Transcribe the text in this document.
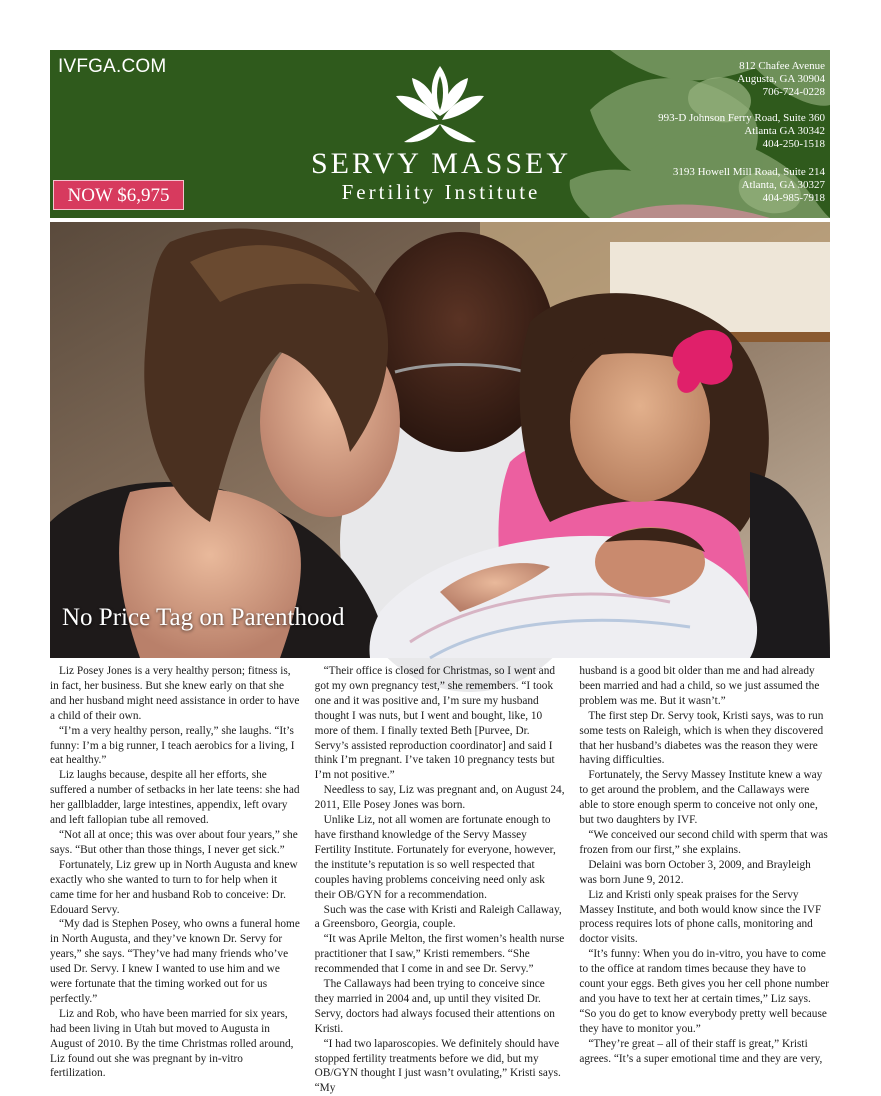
IVFGA.COM
SERVY MASSEY
Fertility Institute
NOW $6,975
812 Chafee Avenue
Augusta, GA 30904
706-724-0228
993-D Johnson Ferry Road, Suite 360
Atlanta GA 30342
404-250-1518
3193 Howell Mill Road, Suite 214
Atlanta, GA 30327
404-985-7918
No Price Tag on Parenthood

Liz Posey Jones is a very healthy person; fitness is, in fact, her business. But she knew early on that she and her husband might need assistance in order to have a child of their own.

“I’m a very healthy person, really,” she laughs. “It’s funny: I’m a big runner, I teach aerobics for a living, I eat healthy.”

Liz laughs because, despite all her efforts, she suffered a number of setbacks in her late teens: she had her gallbladder, large intestines, appendix, left ovary and left fallopian tube all removed.

“Not all at once; this was over about four years,” she says. “But other than those things, I never get sick.”

Fortunately, Liz grew up in North Augusta and knew exactly who she wanted to turn to for help when it came time for her and husband Rob to conceive: Dr. Edouard Servy.

“My dad is Stephen Posey, who owns a funeral home in North Augusta, and they’ve known Dr. Servy for years,” she says. “They’ve had many friends who’ve used Dr. Servy. I knew I wanted to use him and we were fortunate that the timing worked out for us perfectly.”

Liz and Rob, who have been married for six years, had been living in Utah but moved to Augusta in August of 2010. By the time Christmas rolled around, Liz found out she was pregnant by in-vitro fertilization.

“Their office is closed for Christmas, so I went and got my own pregnancy test,” she remembers. “I took one and it was positive and, I’m sure my husband thought I was nuts, but I went and bought, like, 10 more of them. I finally texted Beth [Purvee, Dr. Servy’s assisted reproduction coordinator] and said I think I’m pregnant. I’ve taken 10 pregnancy tests but I’m not positive.”

Needless to say, Liz was pregnant and, on August 24, 2011, Elle Posey Jones was born.

Unlike Liz, not all women are fortunate enough to have firsthand knowledge of the Servy Massey Fertility Institute. Fortunately for everyone, however, the institute’s reputation is so well respected that couples having problems conceiving need only ask their OB/GYN for a recommendation.

Such was the case with Kristi and Raleigh Callaway, a Greensboro, Georgia, couple.

“It was Aprile Melton, the first women’s health nurse practitioner that I saw,” Kristi remembers. “She recommended that I come in and see Dr. Servy.”

The Callaways had been trying to conceive since they married in 2004 and, up until they visited Dr. Servy, doctors had always focused their attentions on Kristi.

“I had two laparoscopies. We definitely should have stopped fertility treatments before we did, but my OB/GYN thought I just wasn’t ovulating,” Kristi says. “My

husband is a good bit older than me and had already been married and had a child, so we just assumed the problem was me. But it wasn’t.”

The first step Dr. Servy took, Kristi says, was to run some tests on Raleigh, which is when they discovered that her husband’s diabetes was the reason they were having difficulties.

Fortunately, the Servy Massey Institute knew a way to get around the problem, and the Callaways were able to store enough sperm to conceive not only one, but two daughters by IVF.

“We conceived our second child with sperm that was frozen from our first,” she explains.

Delaini was born October 3, 2009, and Brayleigh was born June 9, 2012.

Liz and Kristi only speak praises for the Servy Massey Institute, and both would know since the IVF process requires lots of phone calls, monitoring and doctor visits.

“It’s funny: When you do in-vitro, you have to come to the office at random times because they have to count your eggs. Beth gives you her cell phone number and you have to text her at certain times,” Liz says. “So you do get to know everybody pretty well because they have to monitor you.”

“They’re great – all of their staff is great,” Kristi agrees. “It’s a super emotional time and they are very,
